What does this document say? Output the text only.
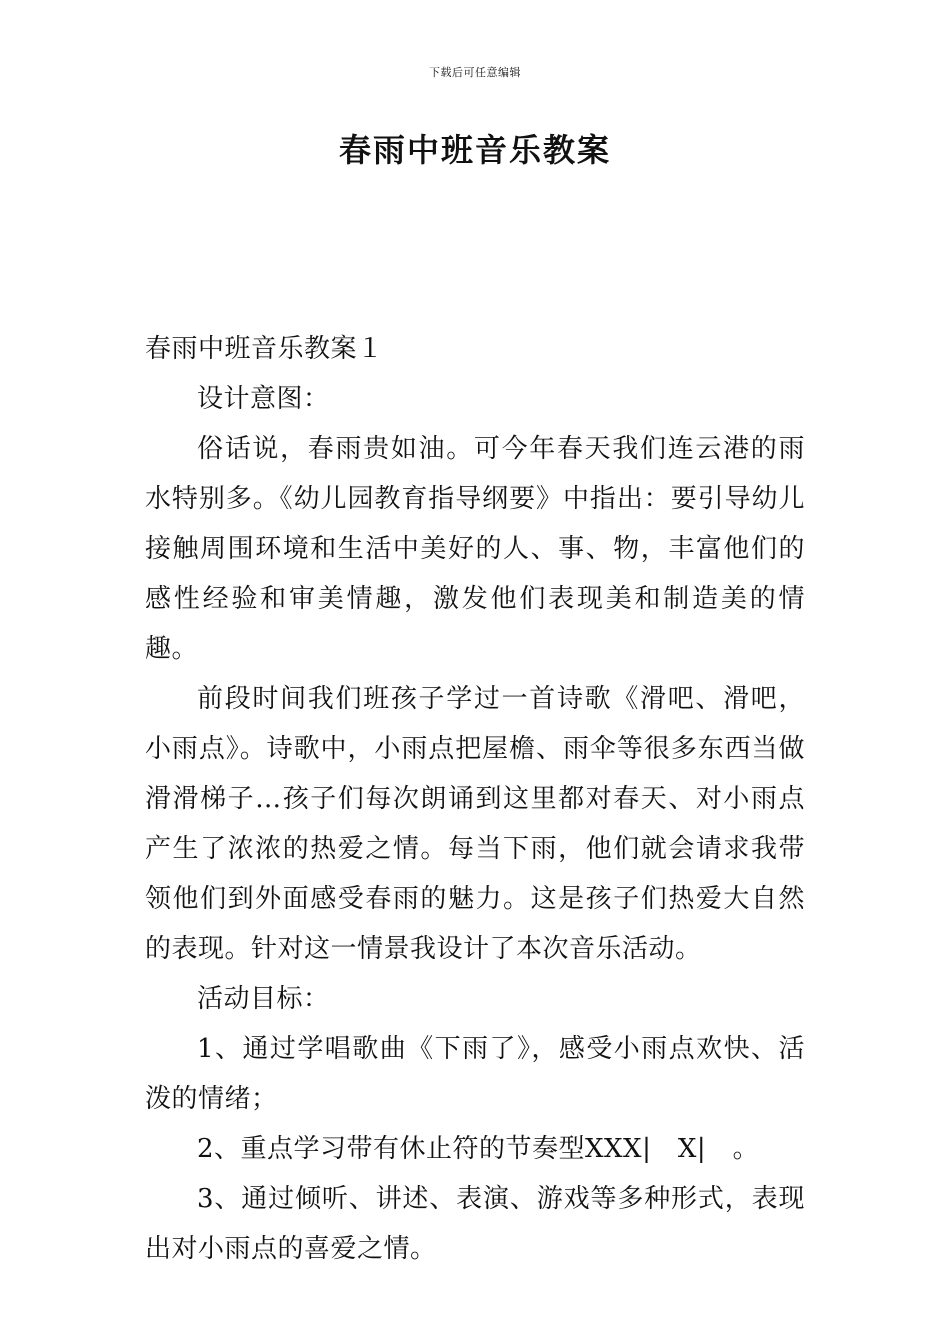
下载后可任意编辑
春雨中班音乐教案
春雨中班音乐教案１

设计意图：

俗话说，春雨贵如油。可今年春天我们连云港的雨水特别多。《幼儿园教育指导纲要》中指出：要引导幼儿接触周围环境和生活中美好的人、事、物，丰富他们的感性经验和审美情趣，激发他们表现美和制造美的情趣。

前段时间我们班孩子学过一首诗歌《滑吧、滑吧，小雨点》。诗歌中，小雨点把屋檐、雨伞等很多东西当做滑滑梯子…孩子们每次朗诵到这里都对春天、对小雨点产生了浓浓的热爱之情。每当下雨，他们就会请求我带领他们到外面感受春雨的魅力。这是孩子们热爱大自然的表现。针对这一情景我设计了本次音乐活动。

活动目标：

1、通过学唱歌曲《下雨了》，感受小雨点欢快、活泼的情绪；

2、重点学习带有休止符的节奏型XXX|　X|　。

3、通过倾听、讲述、表演、游戏等多种形式，表现出对小雨点的喜爱之情。
